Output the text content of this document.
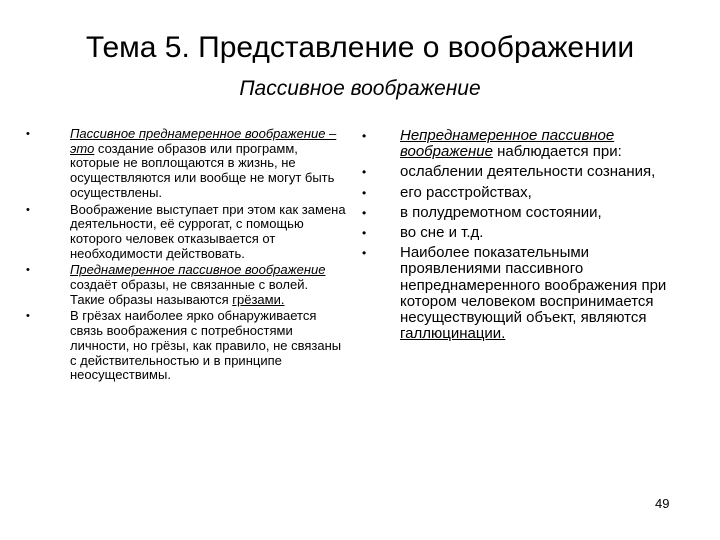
Тема 5. Представление о воображении
Пассивное воображение
•	Пассивное преднамеренное воображение – это создание образов или программ, которые не воплощаются в жизнь, не осуществляются или вообще не могут быть осуществлены.
•	Воображение выступает при этом как замена деятельности, её суррогат, с помощью которого человек отказывается от необходимости действовать.
•	Преднамеренное пассивное воображение создаёт образы, не связанные с волей. Такие образы называются грёзами.
•	В грёзах наиболее ярко обнаруживается связь воображения с потребностями личности, но грёзы, как правило, не связаны с действительностью и в принципе неосуществимы.
• Непреднамеренное пассивное воображение наблюдается при:
• ослаблении деятельности сознания,
• его расстройствах,
• в полудремотном состоянии,
• во сне и т.д.
• Наиболее показательными проявлениями пассивного непреднамеренного воображения при котором человеком воспринимается несуществующий объект, являются галлюцинации.
49
